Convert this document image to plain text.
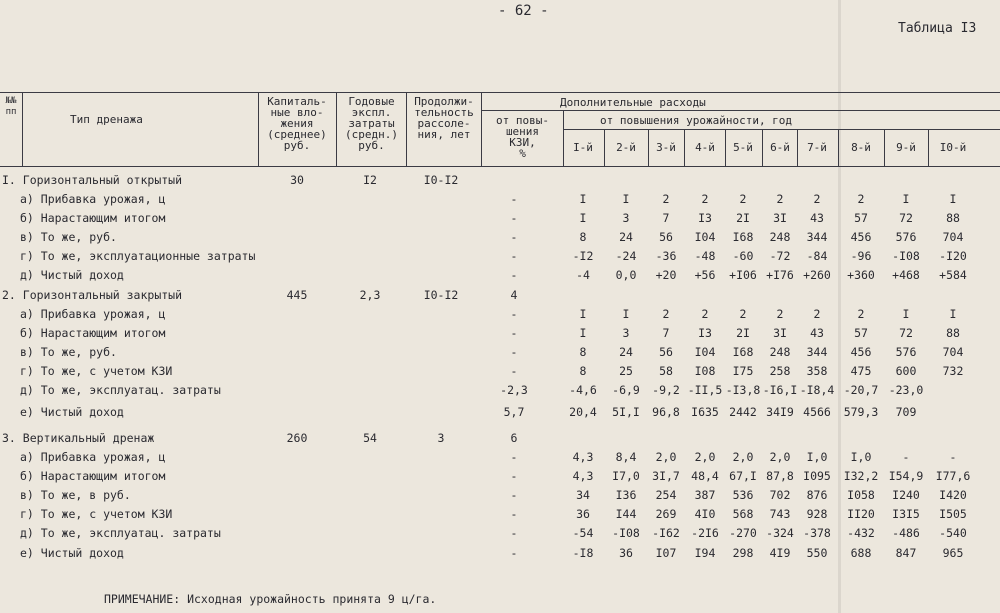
- 62 -
Таблица I3
№№
пп
Тип дренажа
Капиталь-
ные вло-
жения
(среднее)
руб.
Годовые
экспл.
затраты
(средн.)
руб.
Продолжи-
тельность
рассоле-
ния, лет
Дополнительные расходы
от повы-
шения
КЗИ,
%
от повышения урожайности, год
I-й	2-й	3-й	4-й	5-й	6-й	7-й	8-й	9-й	I0-й
I. Горизонтальный открытый	30	I2	I0-I2
а) Прибавка урожая, ц	-	I	I	2	2	2	2	2	2	I	I
б) Нарастающим итогом	-	I	3	7	I3	2I	3I	43	57	72	88
в) То же, руб.	-	8	24	56	I04	I68	248	344	456	576	704
г) То же, эксплуатационные затраты	-	-I2	-24	-36	-48	-60	-72	-84	-96	-I08	-I20
д) Чистый доход	-	-4	0,0	+20	+56	+I06 +I76 +260	+360	+468	+584
2. Горизонтальный закрытый	445	2,3	I0-I2	4
а) Прибавка урожая, ц	-	I	I	2	2	2	2	2	2	I	I
б) Нарастающим итогом	-	I	3	7	I3	2I	3I	43	57	72	88
в) То же, руб.	-	8	24	56	I04	I68	248	344	456	576	704
г) То же, с учетом КЗИ	-	8	25	58	I08	I75	258	358	475	600	732
д) То же, эксплуатац. затраты	-2,3	-4,6	-6,9	-9,2 -II,5 -I3,8 -I6,I -I8,4 -20,7 -23,0
е) Чистый доход	5,7	20,4	5I,I	96,8 I635 2442 34I9 4566	579,3	709
3. Вертикальный дренаж	260	54	3	6
а) Прибавка урожая, ц	-	4,3	8,4	2,0	2,0	2,0	2,0	I,0	I,0	-	-
б) Нарастающим итогом	-	4,3	I7,0	3I,7 48,4 67,I 87,8 I095	I32,2 I54,9	I77,6
в) То же, в руб.	-	34	I36	254	387	536	702	876	I058	I240	I420
г) То же, с учетом КЗИ	-	36	I44	269	4I0	568	743	928	II20	I3I5	I505
д) То же, эксплуатац. затраты	-	-54	-I08	-I62 -2I6 -270 -324 -378	-432	-486	-540
е) Чистый доход	-	-I8	36	I07	I94	298	4I9	550	688	847	965
ПРИМЕЧАНИЕ: Исходная урожайность принята 9 ц/га.
